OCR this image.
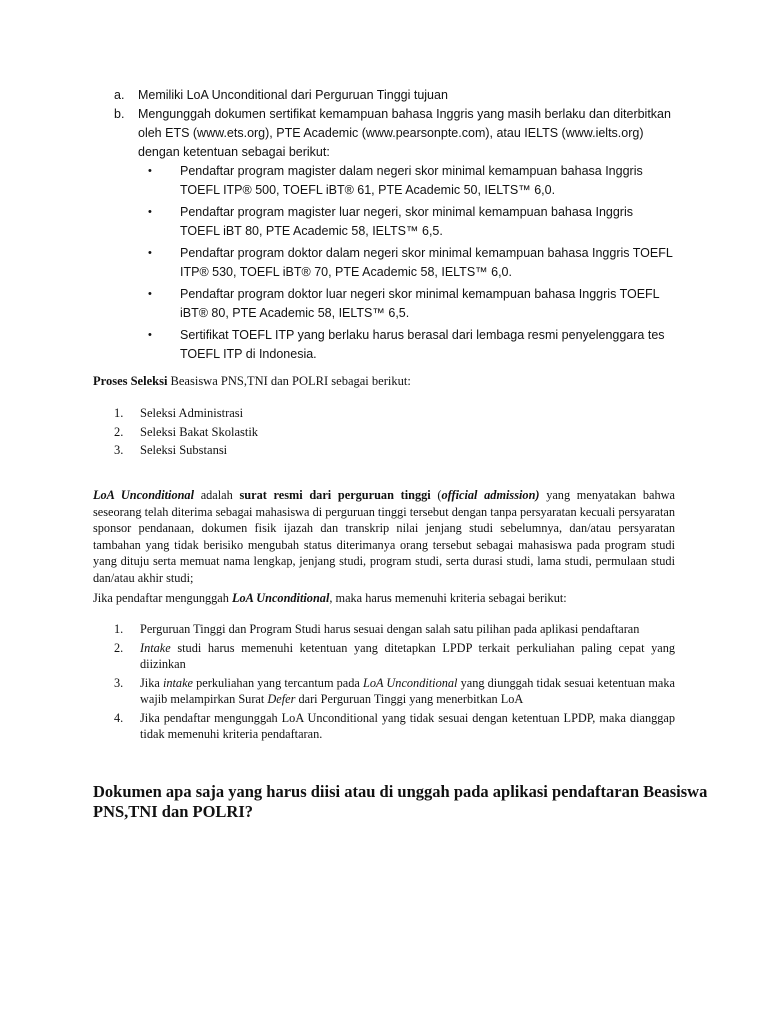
a.	Memiliki LoA Unconditional dari Perguruan Tinggi tujuan
b.	Mengunggah dokumen sertifikat kemampuan bahasa Inggris yang masih berlaku dan diterbitkan oleh ETS (www.ets.org), PTE Academic (www.pearsonpte.com), atau IELTS (www.ielts.org) dengan ketentuan sebagai berikut:
•	Pendaftar program magister dalam negeri skor minimal kemampuan bahasa Inggris TOEFL ITP® 500, TOEFL iBT® 61, PTE Academic 50, IELTS™ 6,0.
•	Pendaftar program magister luar negeri, skor minimal kemampuan bahasa Inggris TOEFL iBT 80, PTE Academic 58, IELTS™ 6,5.
•	Pendaftar program doktor dalam negeri skor minimal kemampuan bahasa Inggris TOEFL ITP® 530, TOEFL iBT® 70, PTE Academic 58, IELTS™ 6,0.
•	Pendaftar program doktor luar negeri skor minimal kemampuan bahasa Inggris TOEFL iBT® 80, PTE Academic 58, IELTS™ 6,5.
•	Sertifikat TOEFL ITP yang berlaku harus berasal dari lembaga resmi penyelenggara tes TOEFL ITP di Indonesia.
Proses Seleksi Beasiswa PNS,TNI dan POLRI sebagai berikut:
1.	Seleksi Administrasi
2.	Seleksi Bakat Skolastik
3.	Seleksi Substansi

LoA Unconditional adalah surat resmi dari perguruan tinggi (official admission) yang menyatakan bahwa seseorang telah diterima sebagai mahasiswa di perguruan tinggi tersebut dengan tanpa persyaratan kecuali persyaratan sponsor pendanaan, dokumen fisik ijazah dan transkrip nilai jenjang studi sebelumnya, dan/atau persyaratan tambahan yang tidak berisiko mengubah status diterimanya orang tersebut sebagai mahasiswa pada program studi yang dituju serta memuat nama lengkap, jenjang studi, program studi, serta durasi studi, lama studi, permulaan studi dan/atau akhir studi;

Jika pendaftar mengunggah LoA Unconditional, maka harus memenuhi kriteria sebagai berikut:

1.	Perguruan Tinggi dan Program Studi harus sesuai dengan salah satu pilihan pada aplikasi pendaftaran
2.	Intake studi harus memenuhi ketentuan yang ditetapkan LPDP terkait perkuliahan paling cepat yang diizinkan
3.	Jika intake perkuliahan yang tercantum pada LoA Unconditional yang diunggah tidak sesuai ketentuan maka wajib melampirkan Surat Defer dari Perguruan Tinggi yang menerbitkan LoA
4.	Jika pendaftar mengunggah LoA Unconditional yang tidak sesuai dengan ketentuan LPDP, maka dianggap tidak memenuhi kriteria pendaftaran.
Dokumen apa saja yang harus diisi atau di unggah pada aplikasi pendaftaran Beasiswa PNS,TNI dan POLRI?
